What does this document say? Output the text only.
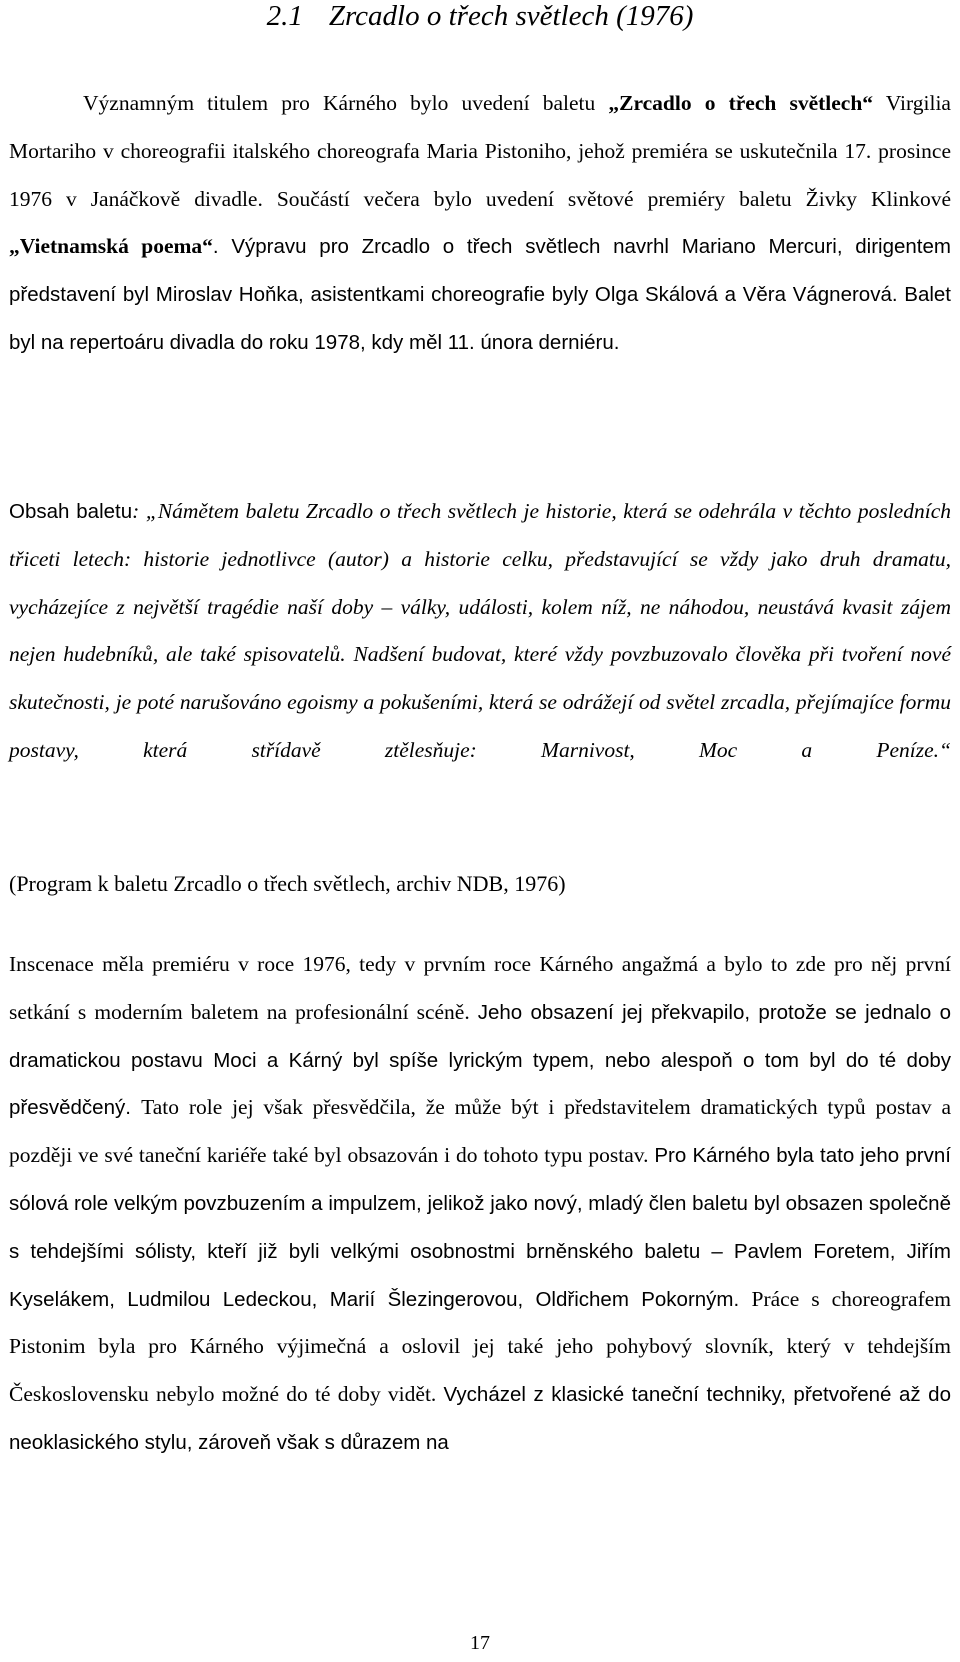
2.1 Zrcadlo o třech světlech (1976)

Významným titulem pro Kárného bylo uvedení baletu „Zrcadlo o třech světlech“ Virgilia Mortariho v choreografii italského choreografa Maria Pistoniho, jehož premiéra se uskutečnila 17. prosince 1976 v Janáčkově divadle. Součástí večera bylo uvedení světové premiéry baletu Živky Klinkové „Vietnamská poema“. Výpravu pro Zrcadlo o třech světlech navrhl Mariano Mercuri, dirigentem představení byl Miroslav Hoňka, asistentkami choreografie byly Olga Skálová a Věra Vágnerová. Balet byl na repertoáru divadla do roku 1978, kdy měl 11. února derniéru.

Obsah baletu: „Námětem baletu Zrcadlo o třech světlech je historie, která se odehrála v těchto posledních třiceti letech: historie jednotlivce (autor) a historie celku, představující se vždy jako druh dramatu, vycházejíce z největší tragédie naší doby – války, události, kolem níž, ne náhodou, neustává kvasit zájem nejen hudebníků, ale také spisovatelů. Nadšení budovat, které vždy povzbuzovalo člověka při tvoření nové skutečnosti, je poté narušováno egoismy a pokušeními, která se odrážejí od světel zrcadla, přejímajíce formu postavy, která střídavě ztělesňuje: Marnivost, Moc a Peníze.“

(Program k baletu Zrcadlo o třech světlech, archiv NDB, 1976)

Inscenace měla premiéru v roce 1976, tedy v prvním roce Kárného angažmá a bylo to zde pro něj první setkání s moderním baletem na profesionální scéně. Jeho obsazení jej překvapilo, protože se jednalo o dramatickou postavu Moci a Kárný byl spíše lyrickým typem, nebo alespoň o tom byl do té doby přesvědčený. Tato role jej však přesvědčila, že může být i představitelem dramatických typů postav a později ve své taneční kariéře také byl obsazován i do tohoto typu postav. Pro Kárného byla tato jeho první sólová role velkým povzbuzením a impulzem, jelikož jako nový, mladý člen baletu byl obsazen společně s tehdejšími sólisty, kteří již byli velkými osobnostmi brněnského baletu – Pavlem Foretem, Jiřím Kyselákem, Ludmilou Ledeckou, Marií Šlezingerovou, Oldřichem Pokorným. Práce s choreografem Pistonim byla pro Kárného výjimečná a oslovil jej také jeho pohybový slovník, který v tehdejším Československu nebylo možné do té doby vidět. Vycházel z klasické taneční techniky, přetvořené až do neoklasického stylu, zároveň však s důrazem na

17
